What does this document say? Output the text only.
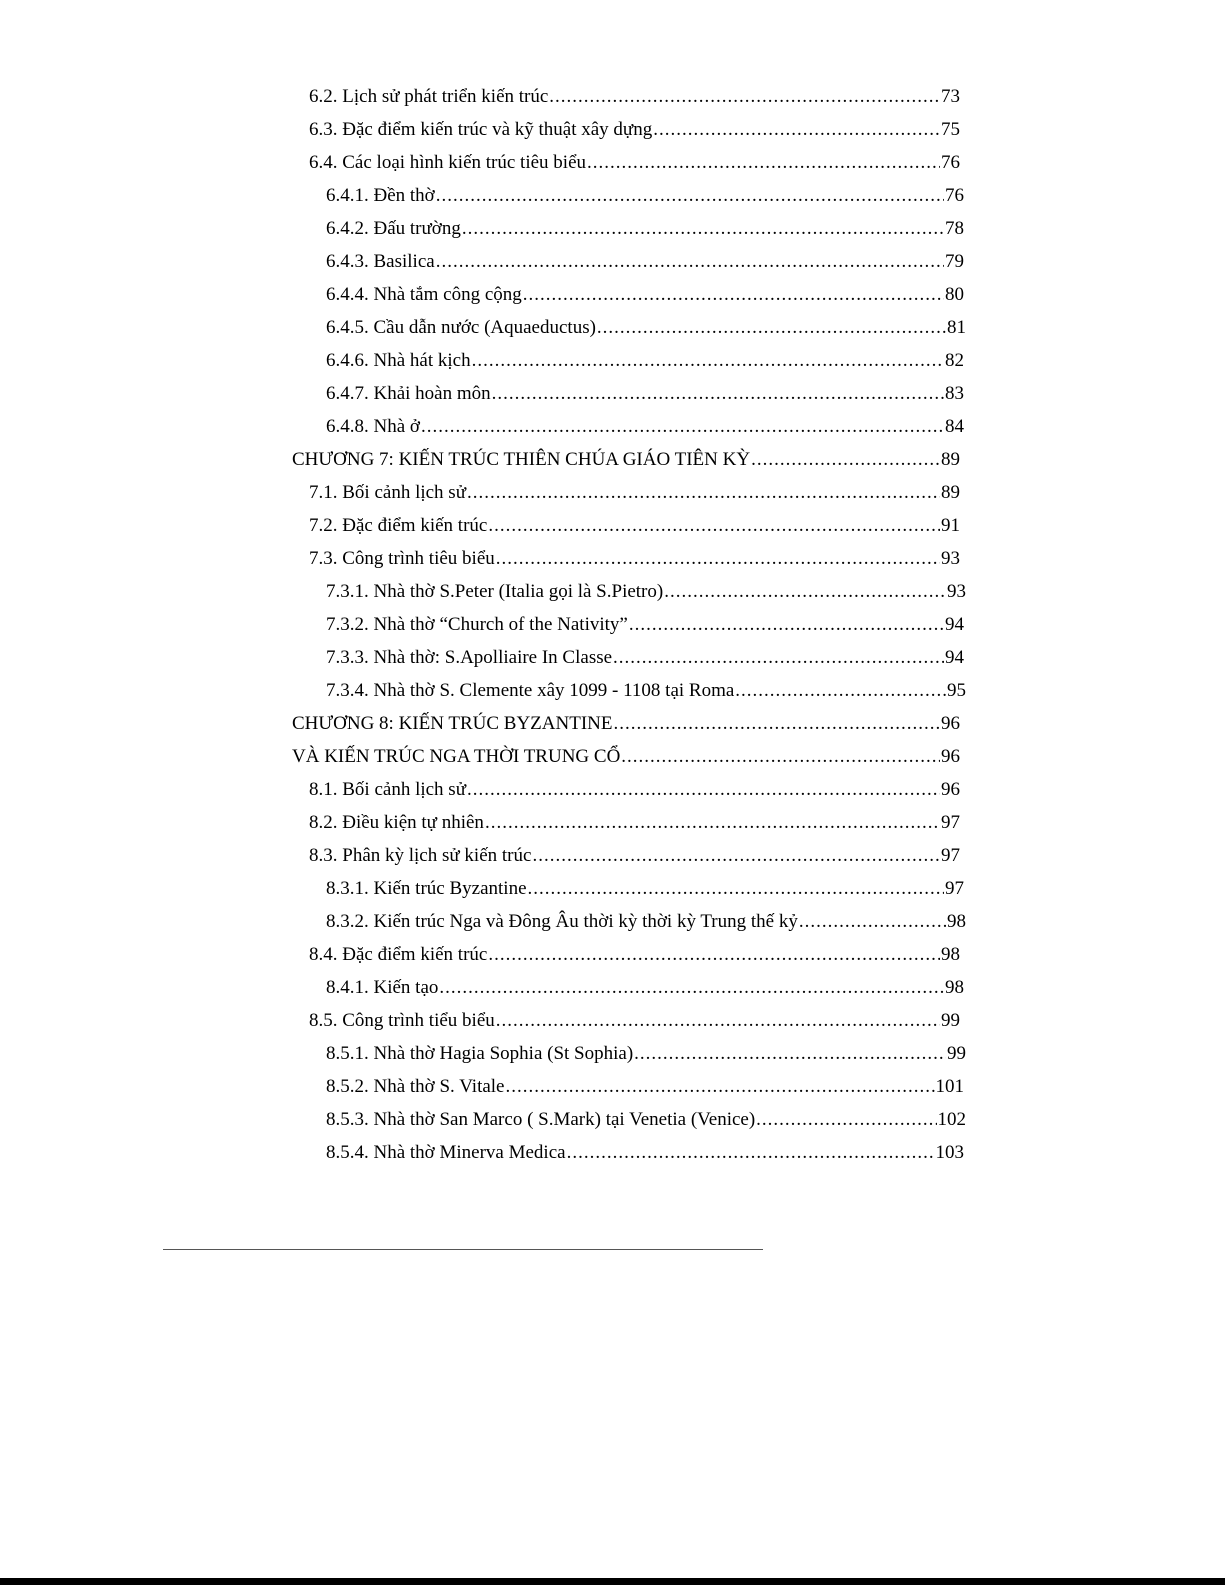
6.2. Lịch sử phát triển kiến trúc .....	73
6.3. Đặc điểm kiến trúc và kỹ thuật xây dựng .....	75
6.4. Các loại hình kiến trúc tiêu biểu .....	76
6.4.1. Đền thờ .....	76
6.4.2. Đấu trường .....	78
6.4.3. Basilica .....	79
6.4.4. Nhà tắm công cộng .....	80
6.4.5. Cầu dẫn nước (Aquaeductus) .....	81
6.4.6. Nhà hát kịch .....	82
6.4.7. Khải hoàn môn .....	83
6.4.8. Nhà ở .....	84
CHƯƠNG 7: KIẾN TRÚC THIÊN CHÚA GIÁO TIÊN KỲ .....	89
7.1. Bối cảnh lịch sử .....	89
7.2. Đặc điểm kiến trúc .....	91
7.3. Công trình tiêu biểu .....	93
7.3.1. Nhà thờ S.Peter (Italia gọi là S.Pietro) .....	93
7.3.2. Nhà thờ “Church of the Nativity” .....	94
7.3.3. Nhà thờ: S.Apolliaire In Classe .....	94
7.3.4. Nhà thờ S. Clemente xây 1099 - 1108 tại Roma .....	95
CHƯƠNG 8: KIẾN TRÚC BYZANTINE .....	96
VÀ KIẾN TRÚC NGA THỜI TRUNG CỔ .....	96
8.1. Bối cảnh lịch sử .....	96
8.2. Điều kiện tự nhiên .....	97
8.3. Phân kỳ lịch sử kiến trúc .....	97
8.3.1. Kiến trúc Byzantine .....	97
8.3.2. Kiến trúc Nga và Đông Âu thời kỳ thời kỳ Trung thế kỷ .....	98
8.4. Đặc điểm kiến trúc .....	98
8.4.1. Kiến tạo .....	98
8.5. Công trình tiểu biểu .....	99
8.5.1. Nhà thờ Hagia Sophia (St Sophia) .....	99
8.5.2. Nhà thờ S. Vitale .....	101
8.5.3. Nhà thờ San Marco ( S.Mark) tại Venetia (Venice) .....	102
8.5.4. Nhà thờ Minerva Medica .....	103
